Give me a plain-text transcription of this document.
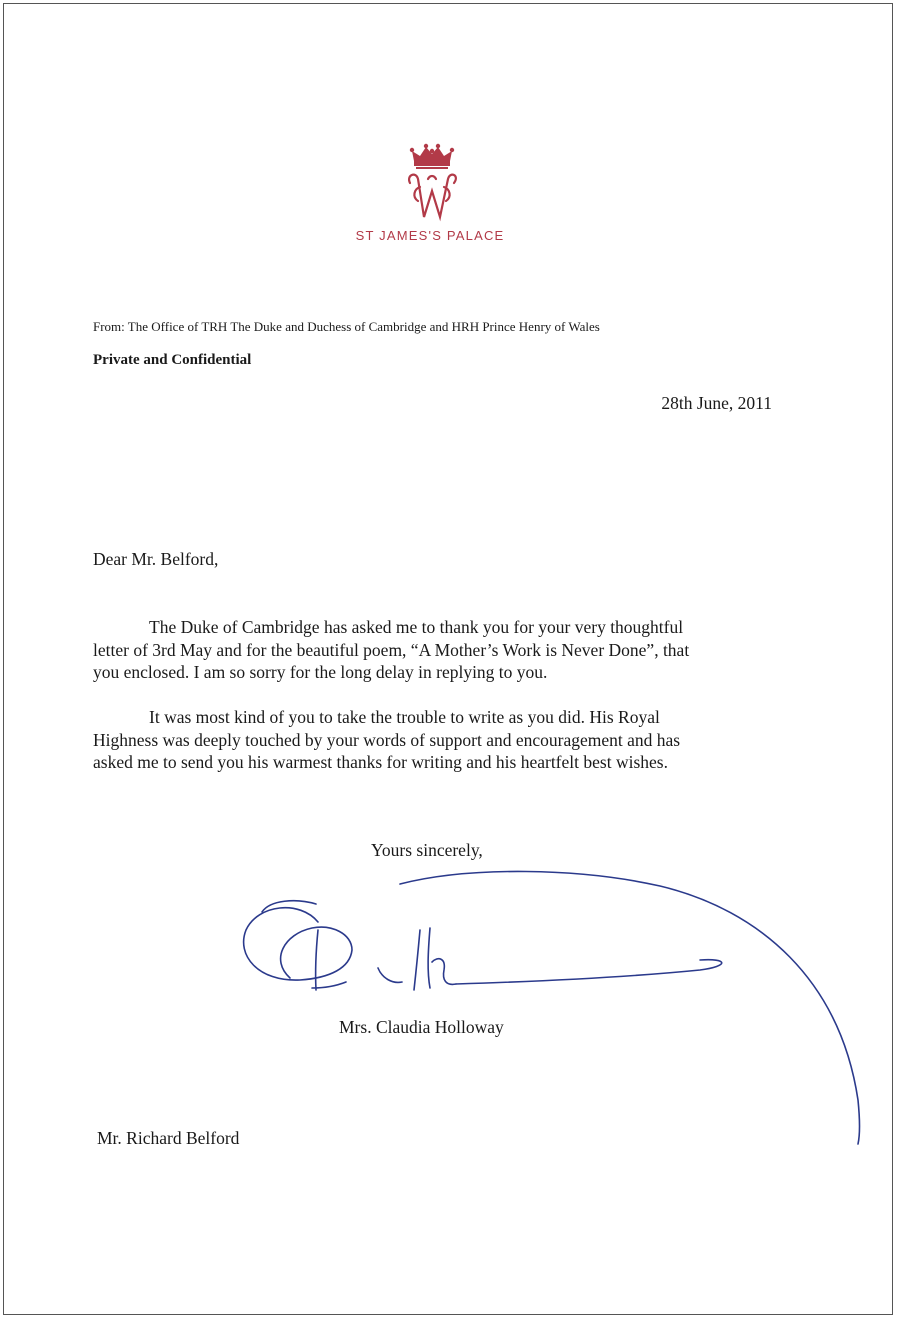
ST JAMES'S PALACE
From: The Office of TRH The Duke and Duchess of Cambridge and HRH Prince Henry of Wales
Private and Confidential
28th June, 2011
Dear Mr. Belford,
The Duke of Cambridge has asked me to thank you for your very thoughtful
letter of 3rd May and for the beautiful poem, “A Mother’s Work is Never Done”, that
you enclosed. I am so sorry for the long delay in replying to you.
It was most kind of you to take the trouble to write as you did. His Royal
Highness was deeply touched by your words of support and encouragement and has
asked me to send you his warmest thanks for writing and his heartfelt best wishes.
Yours sincerely,
Mrs. Claudia Holloway
Mr. Richard Belford
